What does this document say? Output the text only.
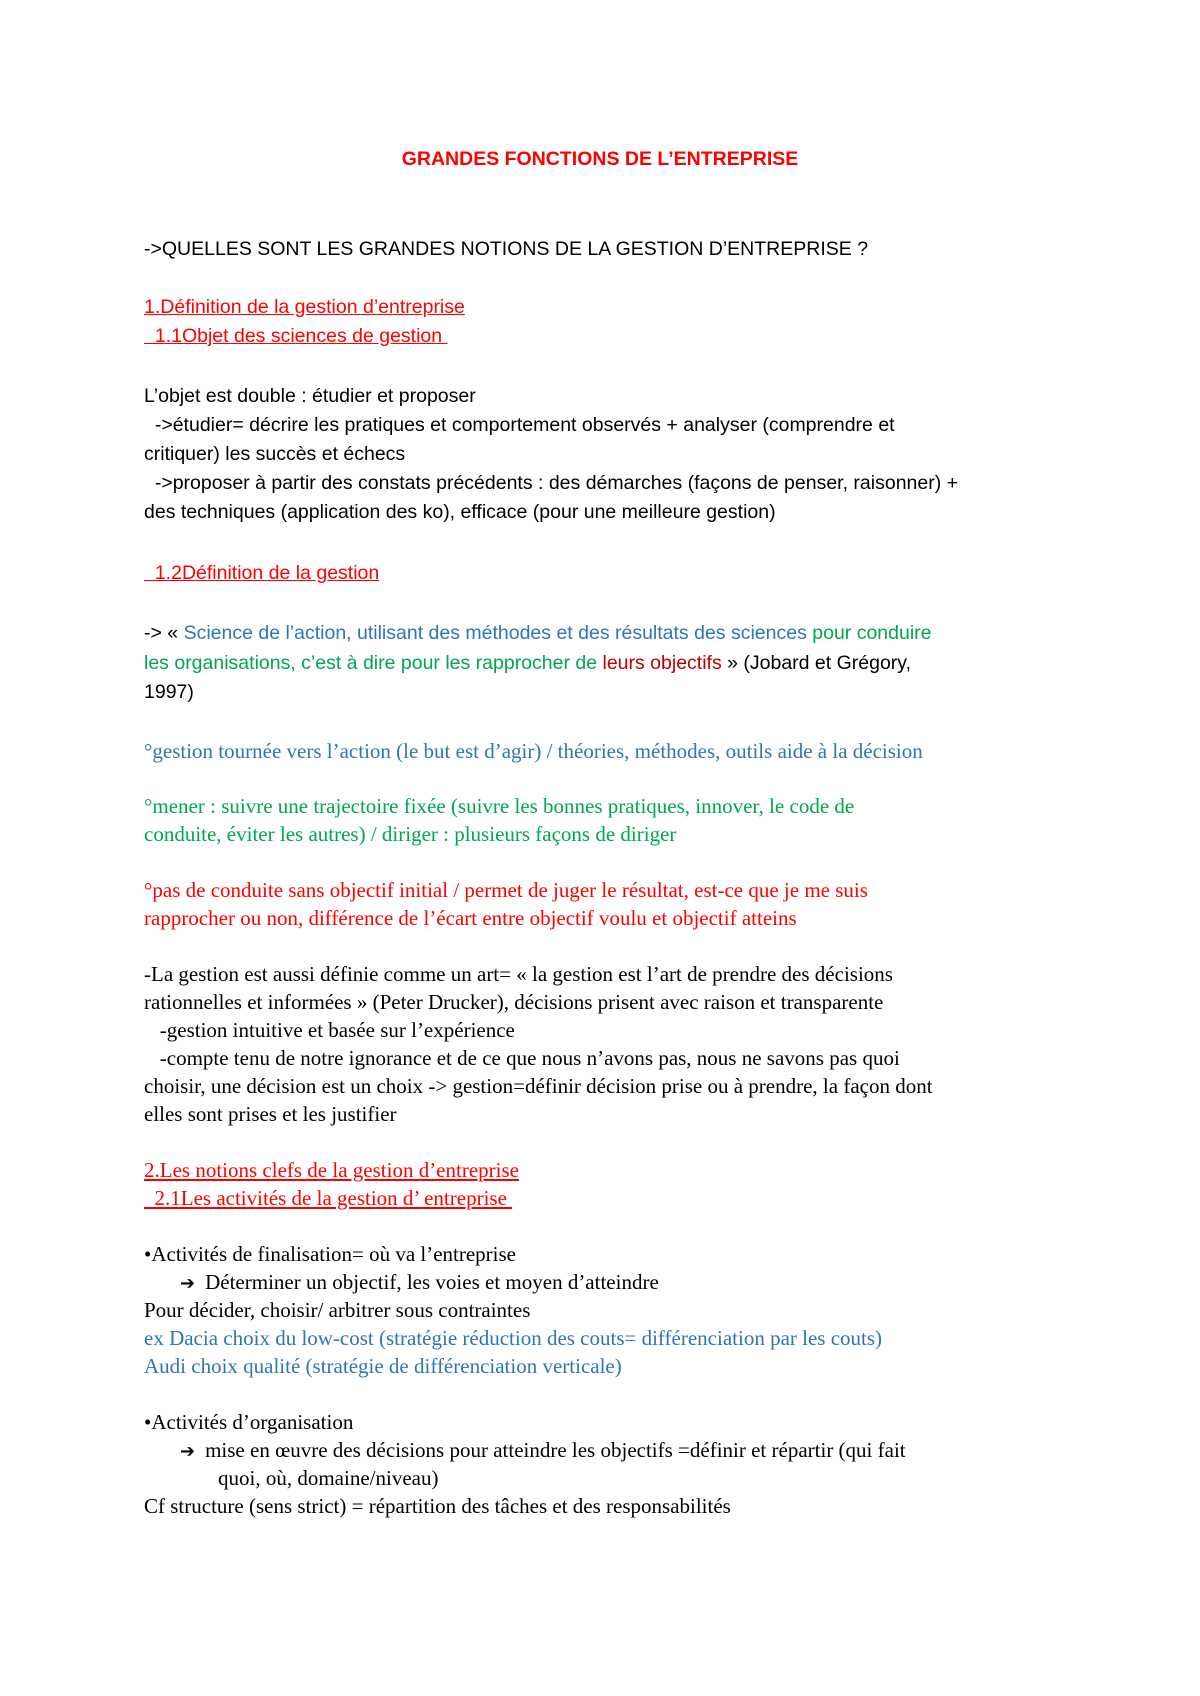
GRANDES FONCTIONS DE L’ENTREPRISE
->QUELLES SONT LES GRANDES NOTIONS DE LA GESTION D’ENTREPRISE ?
1.Définition de la gestion d’entreprise
1.1Objet des sciences de gestion
L’objet est double : étudier et proposer
->étudier= décrire les pratiques et comportement observés + analyser (comprendre et
critiquer) les succès et échecs
->proposer à partir des constats précédents : des démarches (façons de penser, raisonner) +
des techniques (application des ko), efficace (pour une meilleure gestion)
1.2Définition de la gestion
-> « Science de l’action, utilisant des méthodes et des résultats des sciences pour conduire
les organisations, c’est à dire pour les rapprocher de leurs objectifs » (Jobard et Grégory,
1997)
°gestion tournée vers l’action (le but est d’agir) / théories, méthodes, outils aide à la décision
°mener : suivre une trajectoire fixée (suivre les bonnes pratiques, innover, le code de
conduite, éviter les autres) / diriger : plusieurs façons de diriger
°pas de conduite sans objectif initial / permet de juger le résultat, est-ce que je me suis
rapprocher ou non, différence de l’écart entre objectif voulu et objectif atteins
-La gestion est aussi définie comme un art= « la gestion est l’art de prendre des décisions
rationnelles et informées » (Peter Drucker), décisions prisent avec raison et transparente
-gestion intuitive et basée sur l’expérience
-compte tenu de notre ignorance et de ce que nous n’avons pas, nous ne savons pas quoi
choisir, une décision est un choix -> gestion=définir décision prise ou à prendre, la façon dont
elles sont prises et les justifier
2.Les notions clefs de la gestion d’entreprise
2.1Les activités de la gestion d’ entreprise
•Activités de finalisation= où va l’entreprise
➔ Déterminer un objectif, les voies et moyen d’atteindre
Pour décider, choisir/ arbitrer sous contraintes
ex Dacia choix du low-cost (stratégie réduction des couts= différenciation par les couts)
Audi choix qualité (stratégie de différenciation verticale)
•Activités d’organisation
➔ mise en œuvre des décisions pour atteindre les objectifs =définir et répartir (qui fait
quoi, où, domaine/niveau)
Cf structure (sens strict) = répartition des tâches et des responsabilités
